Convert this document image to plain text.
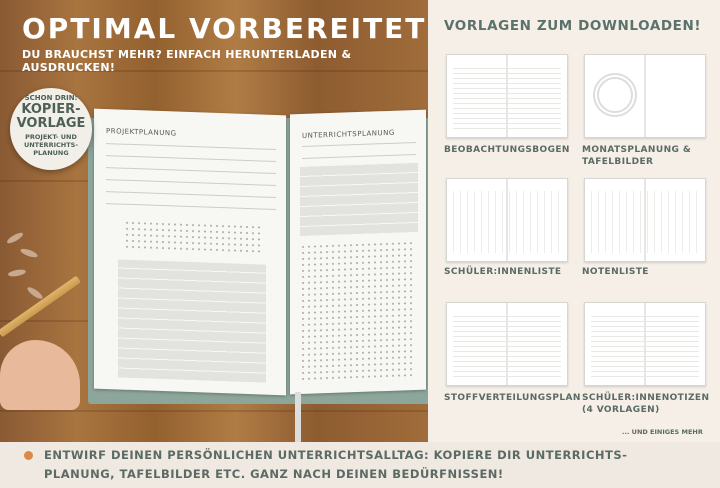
OPTIMAL VORBEREITET
DU BRAUCHST MEHR? EINFACH HERUNTERLADEN & AUSDRUCKEN!
PROJEKTPLANUNG	UNTERRICHTSPLANUNG
SCHON DRIN:
KOPIER-
VORLAGE
PROJEKT- UND UNTERRICHTS-PLANUNG
VORLAGEN ZUM DOWNLOADEN!
BEOBACHTUNGSBOGEN MONATSPLANUNG & TAFELBILDER
SCHÜLER:INNENLISTE NOTENLISTE
STOFFVERTEILUNGSPLAN SCHÜLER:INNENOTIZEN (4 VORLAGEN)
... UND EINIGES MEHR
ENTWIRF DEINEN PERSÖNLICHEN UNTERRICHTSALLTAG: KOPIERE DIR UNTERRICHTS-PLANUNG, TAFELBILDER ETC. GANZ NACH DEINEN BEDÜRFNISSEN!
